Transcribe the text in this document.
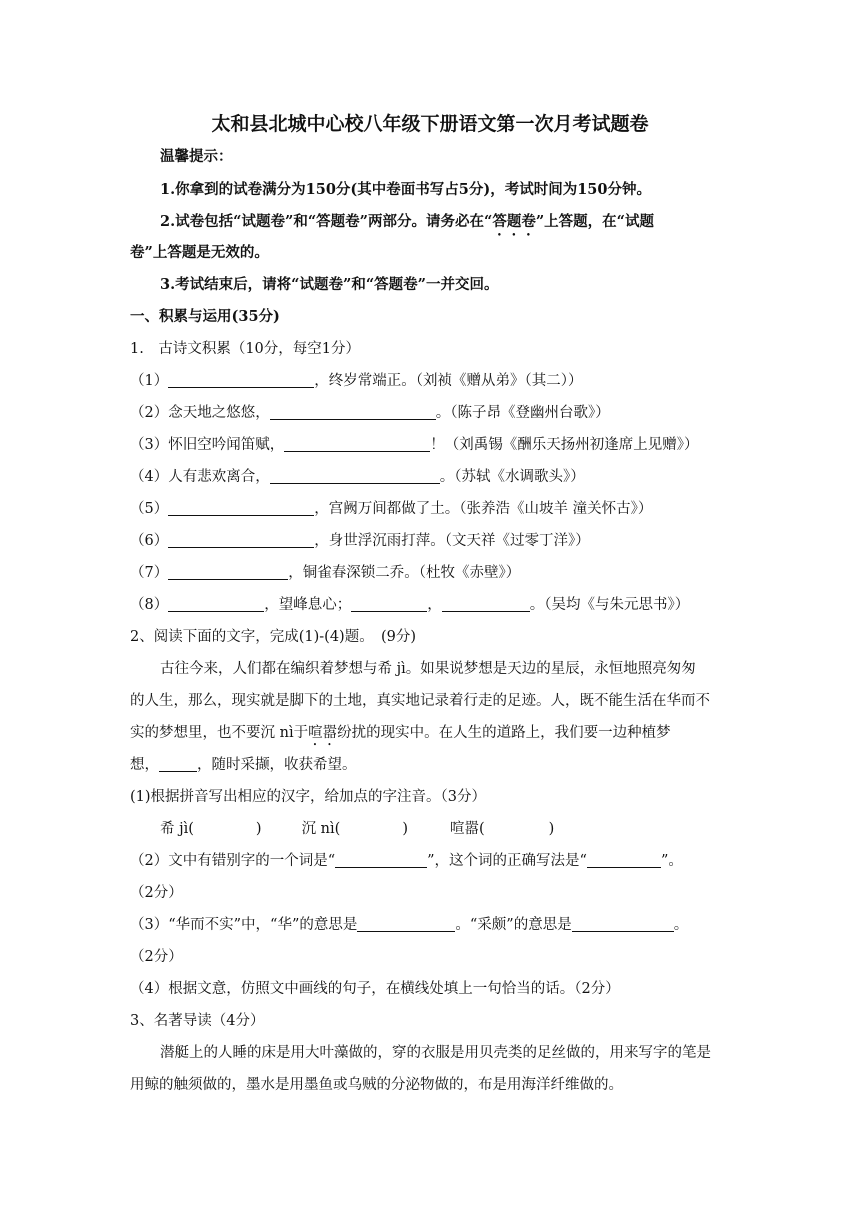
太和县北城中心校八年级下册语文第一次月考试题卷
温馨提示：
1.你拿到的试卷满分为150分(其中卷面书写占5分)，考试时间为150分钟。
2.试卷包括“试题卷”和“答题卷”两部分。请务必在“答题卷”上答题，在“试题
卷”上答题是无效的。
3.考试结束后，请将“试题卷”和“答题卷”一并交回。
一、积累与运用(35分)
1.　古诗文积累（10分，每空1分）
（1）	，终岁常端正。（刘祯《赠从弟》（其二））
（2）念天地之悠悠，	。（陈子昂《登幽州台歌》）
（3）怀旧空吟闻笛赋，	！（刘禹锡《酬乐天扬州初逢席上见赠》）
（4）人有悲欢离合，	。（苏轼《水调歌头》）
（5）	，宫阙万间都做了土。（张养浩《山坡羊 潼关怀古》）
（6）	，身世浮沉雨打萍。（文天祥《过零丁洋》）
（7）	，铜雀春深锁二乔。（杜牧《赤壁》）
（8）	，望峰息心；	，	。（吴均《与朱元思书》）
2、阅读下面的文字，完成(1)-(4)题。　(9分)
古往今来，人们都在编织着梦想与希 jì。如果说梦想是天边的星辰，永恒地照亮匆匆
的人生，那么，现实就是脚下的土地，真实地记录着行走的足迹。人，既不能生活在华而不
实的梦想里，也不要沉 nì于喧嚣纷扰的现实中。在人生的道路上，我们要一边种植梦
想，	，随时采撷，收获希望。
(1)根据拼音写出相应的汉字，给加点的字注音。（3分）
希 jì(	)	沉 nì(	)	喧嚣(	)
（2）文中有错别字的一个词是“	”，这个词的正确写法是“	”。
（2分）
（3）“华而不实”中，“华”的意思是	。“采颇”的意思是	。
（2分）
（4）根据文意，仿照文中画线的句子，在横线处填上一句恰当的话。（2分）
3、名著导读（4分）
潜艇上的人睡的床是用大叶藻做的，穿的衣服是用贝壳类的足丝做的，用来写字的笔是
用鲸的触须做的，墨水是用墨鱼或乌贼的分泌物做的，布是用海洋纤维做的。
